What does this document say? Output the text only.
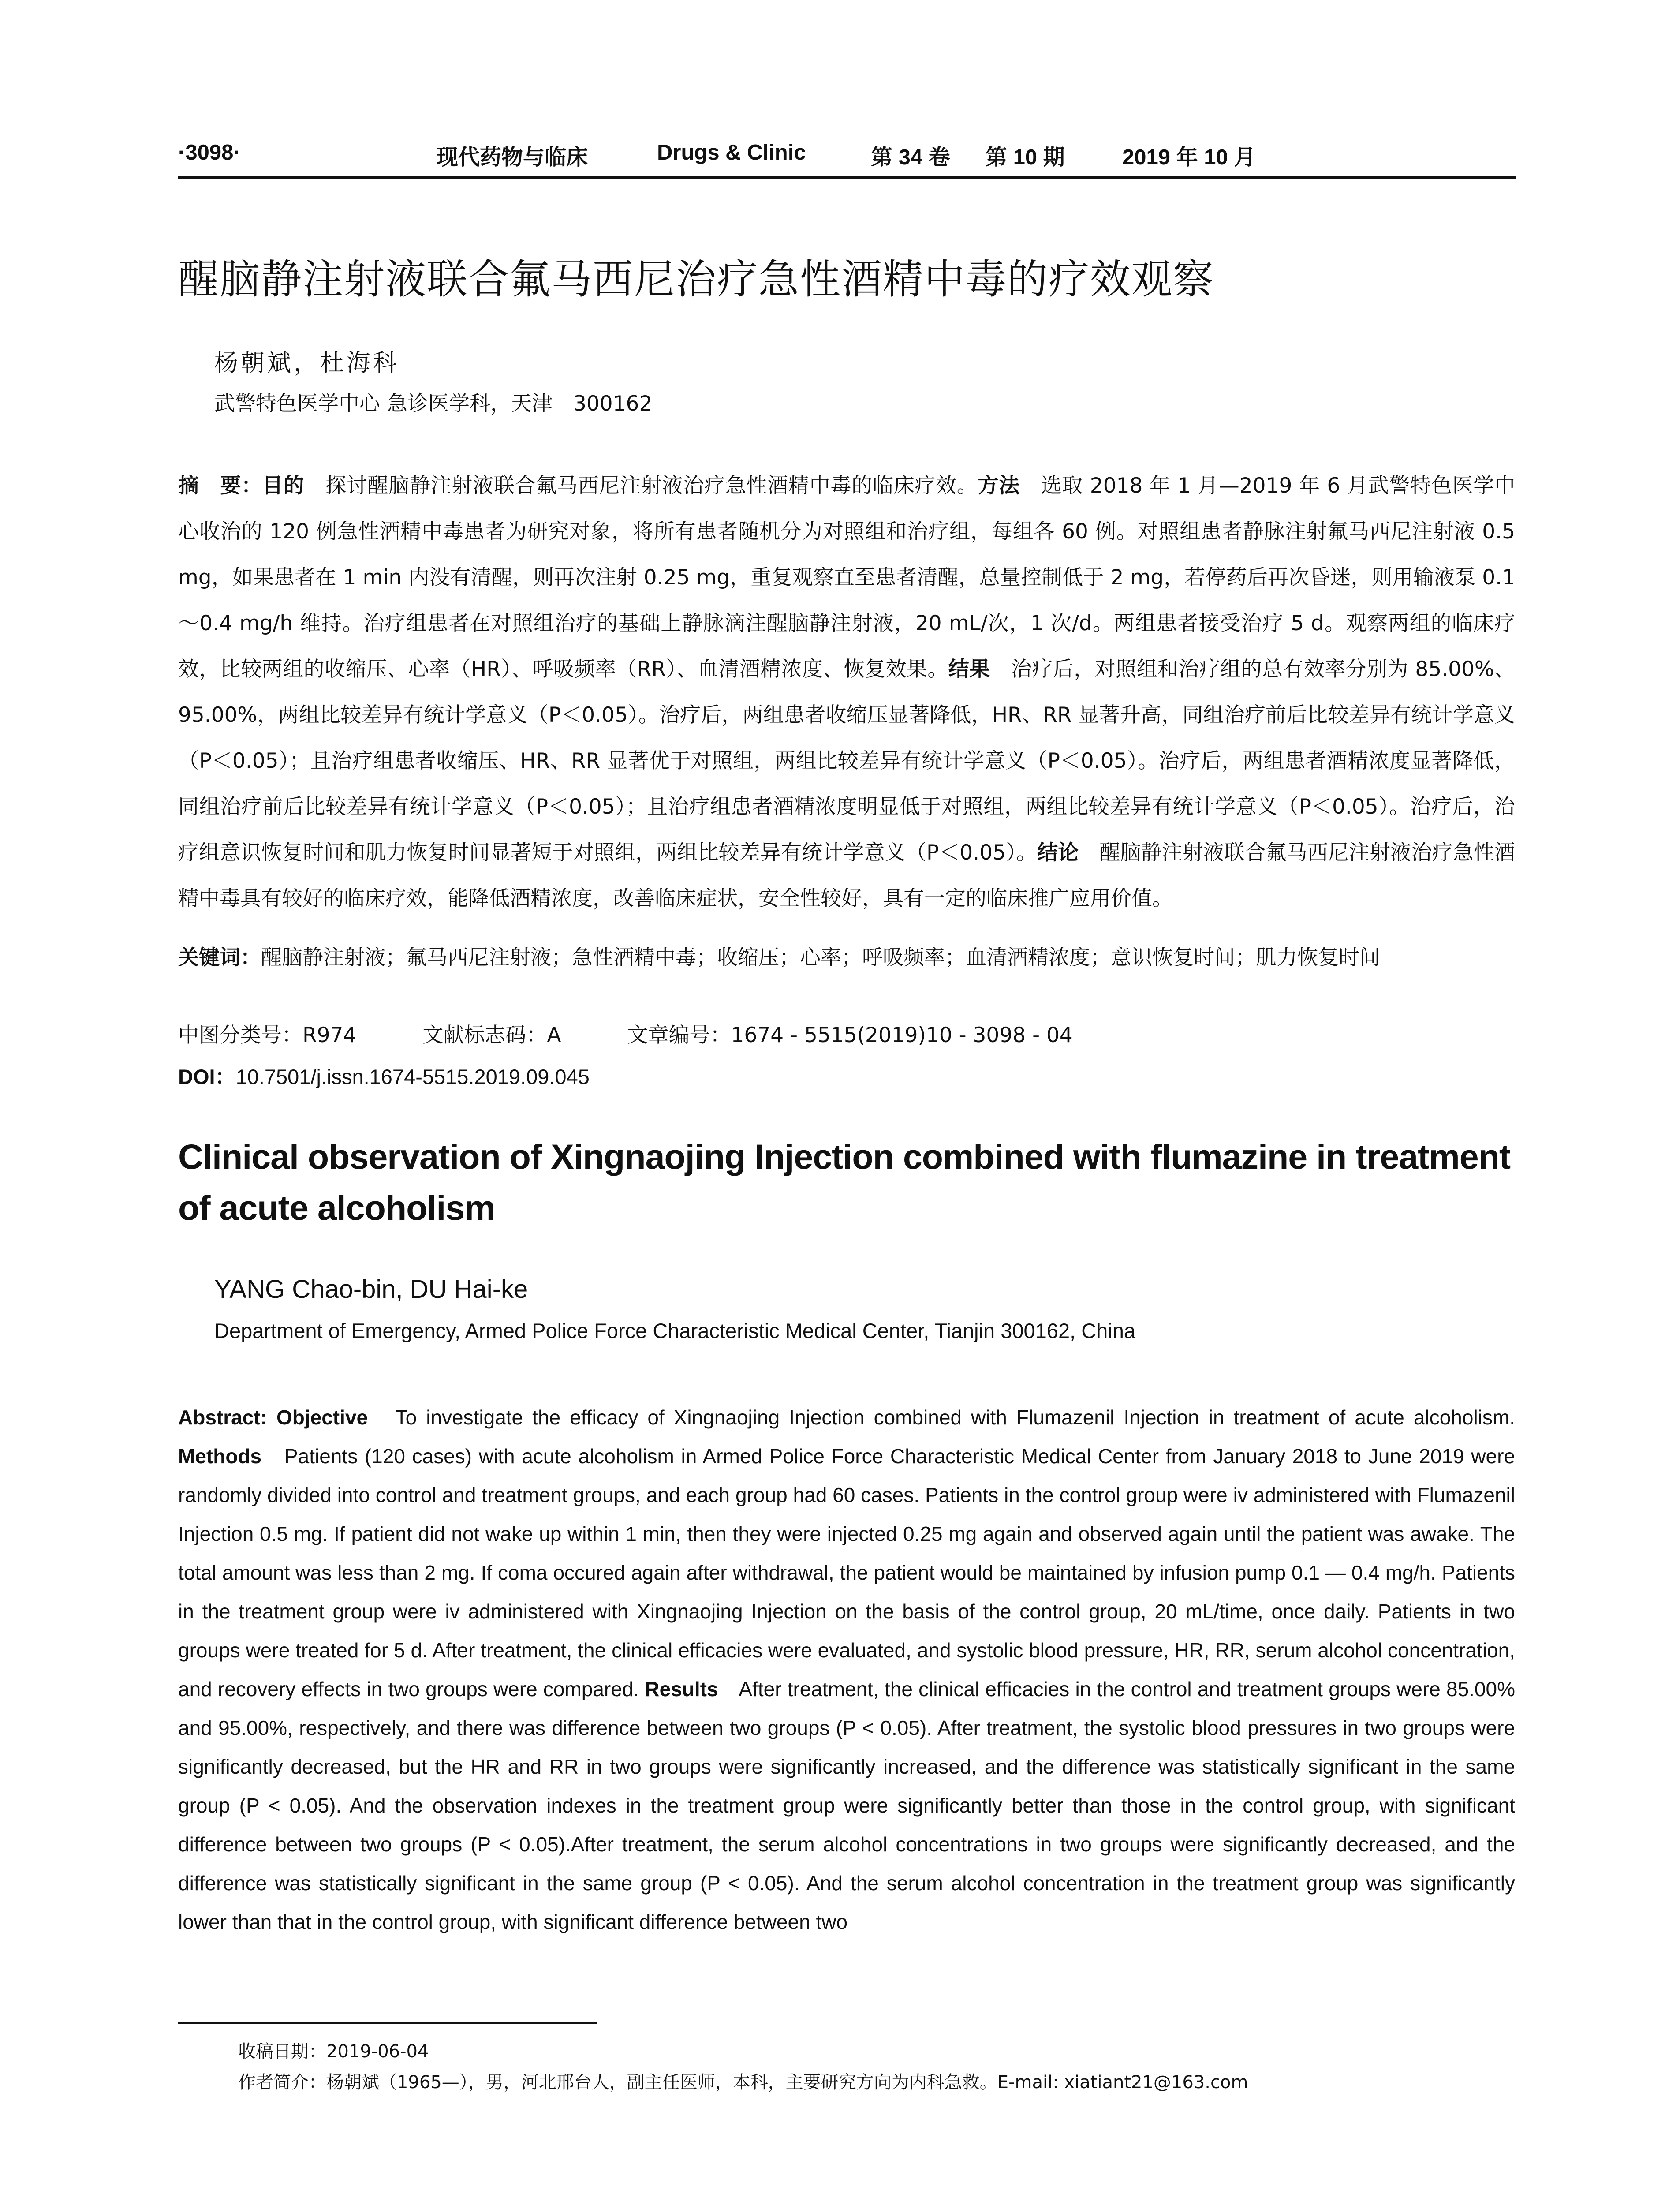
·3098·	现代药物与临床	Drugs & Clinic	第 34 卷 第 10 期	2019 年 10 月
醒脑静注射液联合氟马西尼治疗急性酒精中毒的疗效观察
杨朝斌，杜海科
武警特色医学中心 急诊医学科，天津　300162
摘　要：目的　探讨醒脑静注射液联合氟马西尼注射液治疗急性酒精中毒的临床疗效。方法　选取 2018 年 1 月—2019 年 6 月武警特色医学中心收治的 120 例急性酒精中毒患者为研究对象，将所有患者随机分为对照组和治疗组，每组各 60 例。对照组患者静脉注射氟马西尼注射液 0.5 mg，如果患者在 1 min 内没有清醒，则再次注射 0.25 mg，重复观察直至患者清醒，总量控制低于 2 mg，若停药后再次昏迷，则用输液泵 0.1～0.4 mg/h 维持。治疗组患者在对照组治疗的基础上静脉滴注醒脑静注射液，20 mL/次，1 次/d。两组患者接受治疗 5 d。观察两组的临床疗效，比较两组的收缩压、心率（HR）、呼吸频率（RR）、血清酒精浓度、恢复效果。结果　治疗后，对照组和治疗组的总有效率分别为 85.00%、95.00%，两组比较差异有统计学意义（P＜0.05）。治疗后，两组患者收缩压显著降低，HR、RR 显著升高，同组治疗前后比较差异有统计学意义（P＜0.05）；且治疗组患者收缩压、HR、RR 显著优于对照组，两组比较差异有统计学意义（P＜0.05）。治疗后，两组患者酒精浓度显著降低，同组治疗前后比较差异有统计学意义（P＜0.05）；且治疗组患者酒精浓度明显低于对照组，两组比较差异有统计学意义（P＜0.05）。治疗后，治疗组意识恢复时间和肌力恢复时间显著短于对照组，两组比较差异有统计学意义（P＜0.05）。结论　醒脑静注射液联合氟马西尼注射液治疗急性酒精中毒具有较好的临床疗效，能降低酒精浓度，改善临床症状，安全性较好，具有一定的临床推广应用价值。
关键词：醒脑静注射液；氟马西尼注射液；急性酒精中毒；收缩压；心率；呼吸频率；血清酒精浓度；意识恢复时间；肌力恢复时间
中图分类号：R974	文献标志码：A	文章编号：1674 - 5515(2019)10 - 3098 - 04
DOI：10.7501/j.issn.1674-5515.2019.09.045
Clinical observation of Xingnaojing Injection combined with flumazine in treatment of acute alcoholism
YANG Chao-bin, DU Hai-ke
Department of Emergency, Armed Police Force Characteristic Medical Center, Tianjin 300162, China
Abstract: Objective　To investigate the efficacy of Xingnaojing Injection combined with Flumazenil Injection in treatment of acute alcoholism. Methods　Patients (120 cases) with acute alcoholism in Armed Police Force Characteristic Medical Center from January 2018 to June 2019 were randomly divided into control and treatment groups, and each group had 60 cases. Patients in the control group were iv administered with Flumazenil Injection 0.5 mg. If patient did not wake up within 1 min, then they were injected 0.25 mg again and observed again until the patient was awake. The total amount was less than 2 mg. If coma occured again after withdrawal, the patient would be maintained by infusion pump 0.1 — 0.4 mg/h. Patients in the treatment group were iv administered with Xingnaojing Injection on the basis of the control group, 20 mL/time, once daily. Patients in two groups were treated for 5 d. After treatment, the clinical efficacies were evaluated, and systolic blood pressure, HR, RR, serum alcohol concentration, and recovery effects in two groups were compared. Results　After treatment, the clinical efficacies in the control and treatment groups were 85.00% and 95.00%, respectively, and there was difference between two groups (P < 0.05). After treatment, the systolic blood pressures in two groups were significantly decreased, but the HR and RR in two groups were significantly increased, and the difference was statistically significant in the same group (P < 0.05). And the observation indexes in the treatment group were significantly better than those in the control group, with significant difference between two groups (P < 0.05).After treatment, the serum alcohol concentrations in two groups were significantly decreased, and the difference was statistically significant in the same group (P < 0.05). And the serum alcohol concentration in the treatment group was significantly lower than that in the control group, with significant difference between two
收稿日期：2019-06-04
作者简介：杨朝斌（1965—），男，河北邢台人，副主任医师，本科，主要研究方向为内科急救。E-mail: xiatiant21@163.com
